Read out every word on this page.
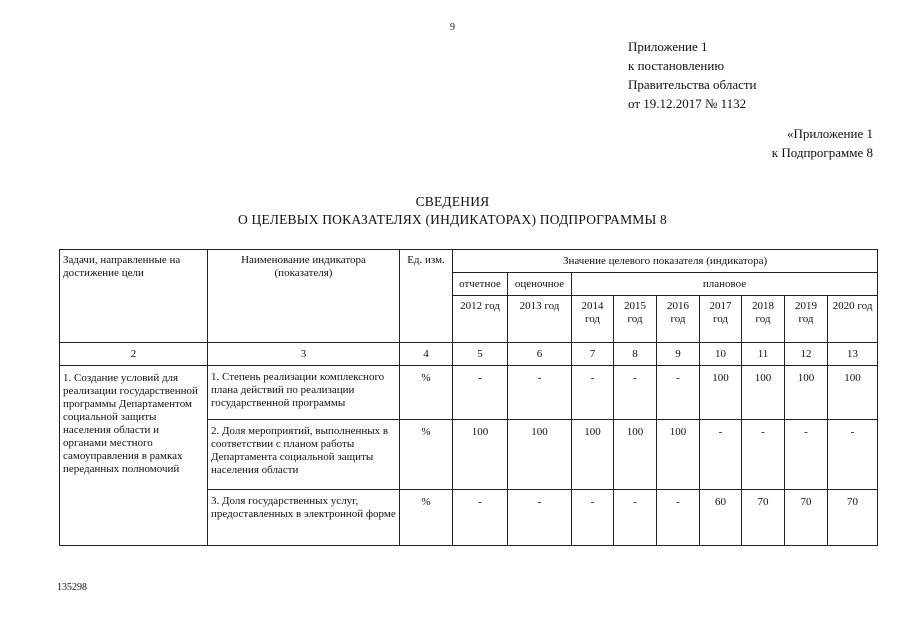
9
Приложение 1
к постановлению
Правительства области
от 19.12.2017 № 1132
«Приложение 1
к Подпрограмме 8
СВЕДЕНИЯ
О ЦЕЛЕВЫХ ПОКАЗАТЕЛЯХ (ИНДИКАТОРАХ) ПОДПРОГРАММЫ 8
Задачи, направленные на достижение цели	Наименование индикатора (показателя)	Ед. изм.	Значение целевого показателя (индикатора)								
			отчетное	оценочное	плановое						
			2012 год	2013 год	2014 год	2015 год	2016 год	2017 год	2018 год	2019 год	2020 год
2	3	4	5	6	7	8	9	10	11	12	13
1. Создание условий для реализации государственной программы Департаментом социальной защиты населения области и органами местного самоуправления в рамках переданных полномочий	1. Степень реализации комплексного плана действий по реализации государственной программы	%	-	-	-	-	-	100	100	100	100
	2. Доля мероприятий, выполненных в соответствии с планом работы Департамента социальной защиты населения области	%	100	100	100	100	100	-	-	-	-
	3. Доля государственных услуг, предоставленных в электронной форме	%	-	-	-	-	-	60	70	70	70
135298
